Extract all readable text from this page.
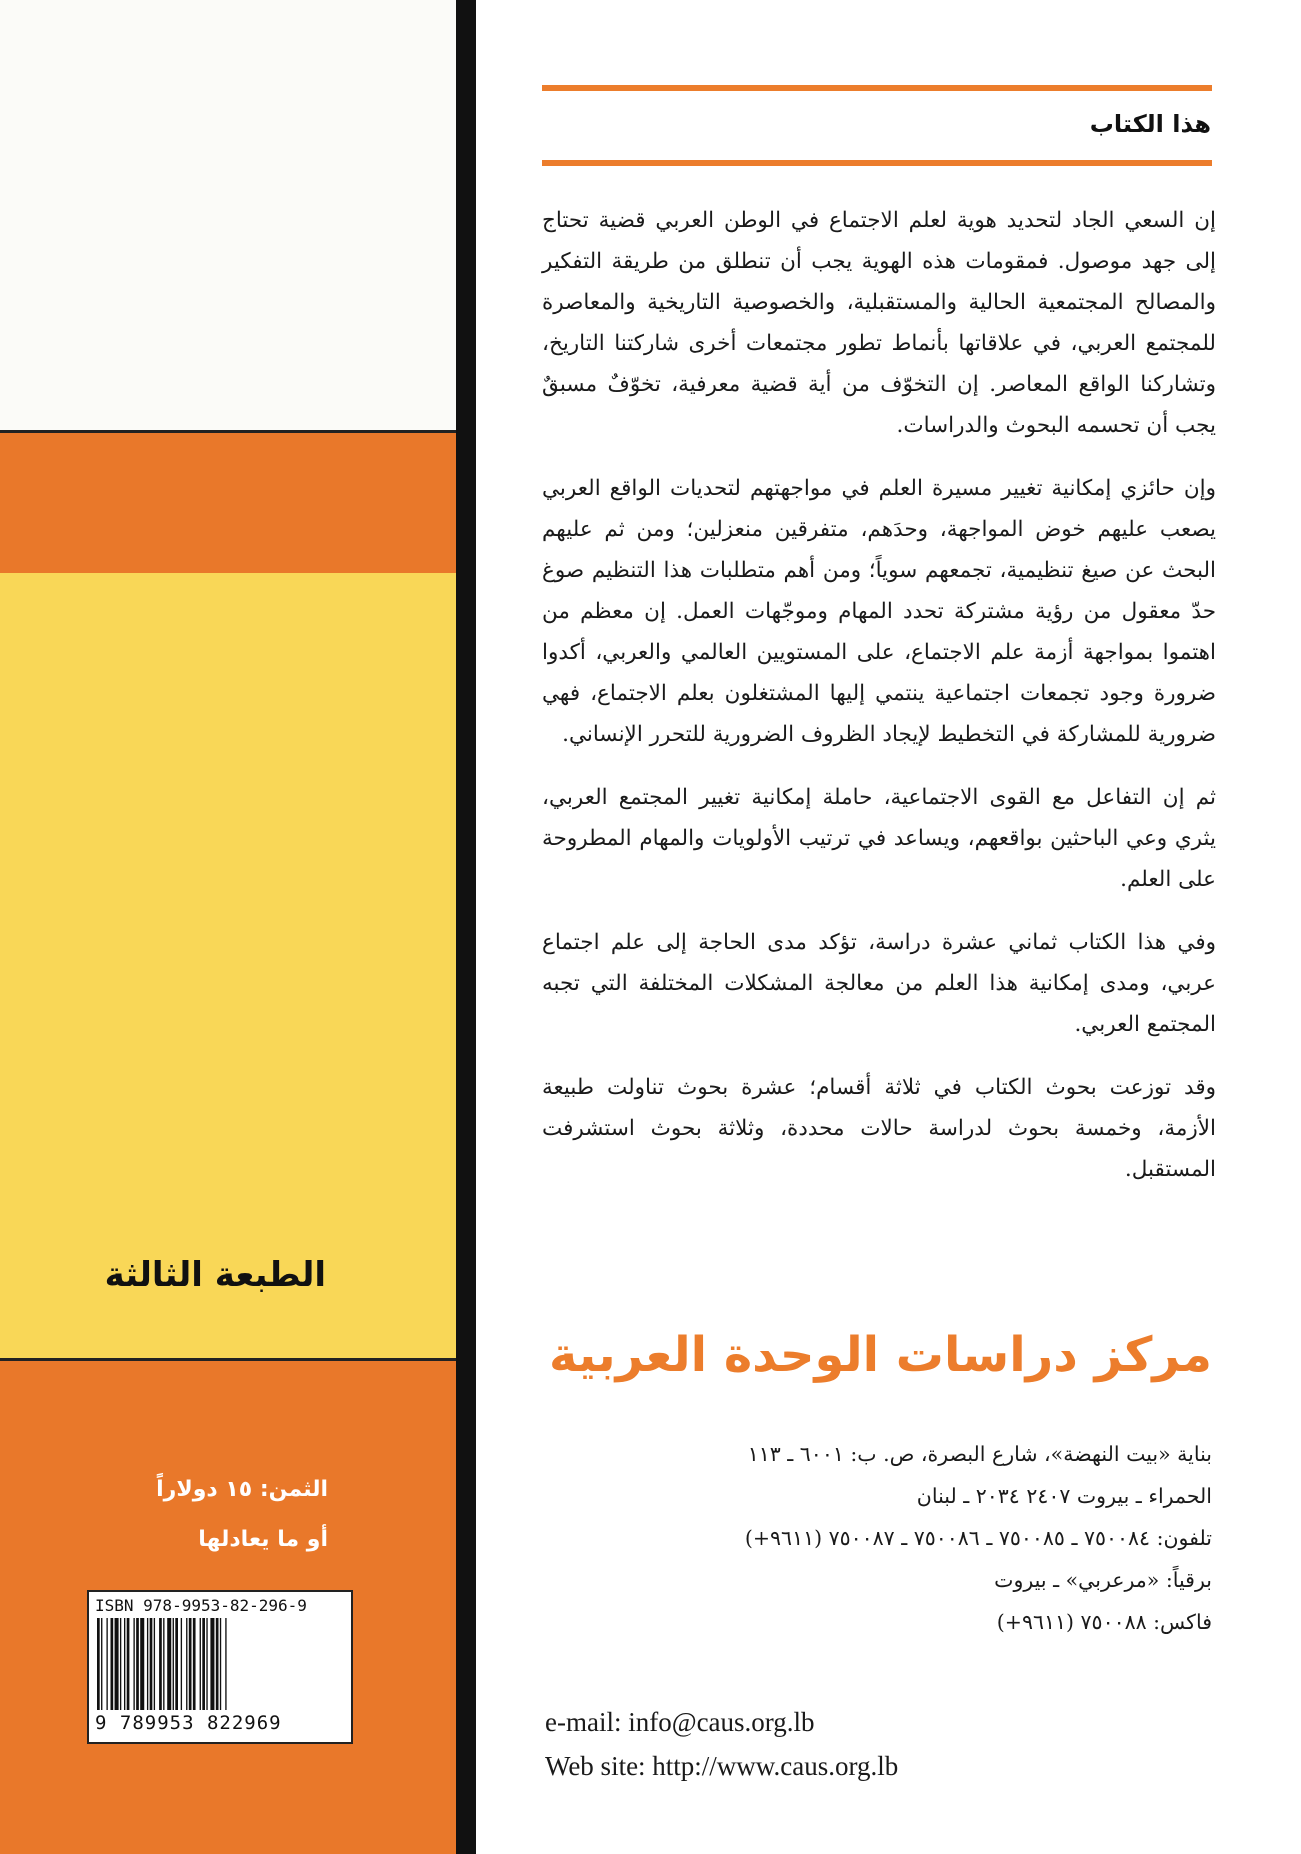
الطبعة الثالثة
الثمن: ١٥ دولاراً
أو ما يعادلها
ISBN 978-9953-82-296-9
9 789953 822969
هذا الكتاب

إن السعي الجاد لتحديد هوية لعلم الاجتماع في الوطن العربي قضية تحتاج إلى جهد موصول. فمقومات هذه الهوية يجب أن تنطلق من طريقة التفكير والمصالح المجتمعية الحالية والمستقبلية، والخصوصية التاريخية والمعاصرة للمجتمع العربي، في علاقاتها بأنماط تطور مجتمعات أخرى شاركتنا التاريخ، وتشاركنا الواقع المعاصر. إن التخوّف من أية قضية معرفية، تخوّفٌ مسبقٌ يجب أن تحسمه البحوث والدراسات.

وإن حائزي إمكانية تغيير مسيرة العلم في مواجهتهم لتحديات الواقع العربي يصعب عليهم خوض المواجهة، وحدَهم، متفرقين منعزلين؛ ومن ثم عليهم البحث عن صيغ تنظيمية، تجمعهم سوياً؛ ومن أهم متطلبات هذا التنظيم صوغ حدّ معقول من رؤية مشتركة تحدد المهام وموجّهات العمل. إن معظم من اهتموا بمواجهة أزمة علم الاجتماع، على المستويين العالمي والعربي، أكدوا ضرورة وجود تجمعات اجتماعية ينتمي إليها المشتغلون بعلم الاجتماع، فهي ضرورية للمشاركة في التخطيط لإيجاد الظروف الضرورية للتحرر الإنساني.

ثم إن التفاعل مع القوى الاجتماعية، حاملة إمكانية تغيير المجتمع العربي، يثري وعي الباحثين بواقعهم، ويساعد في ترتيب الأولويات والمهام المطروحة على العلم.

وفي هذا الكتاب ثماني عشرة دراسة، تؤكد مدى الحاجة إلى علم اجتماع عربي، ومدى إمكانية هذا العلم من معالجة المشكلات المختلفة التي تجبه المجتمع العربي.

وقد توزعت بحوث الكتاب في ثلاثة أقسام؛ عشرة بحوث تناولت طبيعة الأزمة، وخمسة بحوث لدراسة حالات محددة، وثلاثة بحوث استشرفت المستقبل.

مركز دراسات الوحدة العربية
بناية «بيت النهضة»، شارع البصرة، ص. ب: ٦٠٠١ ـ ١١٣
الحمراء ـ بيروت ٢٤٠٧ ٢٠٣٤ ـ لبنان
تلفون: ٧٥٠٠٨٤ ـ ٧٥٠٠٨٥ ـ ٧٥٠٠٨٦ ـ ٧٥٠٠٨٧ (٩٦١١+)
برقياً: «مرعربي» ـ بيروت
فاكس: ٧٥٠٠٨٨ (٩٦١١+)
e-mail: info@caus.org.lb
Web site: http://www.caus.org.lb
